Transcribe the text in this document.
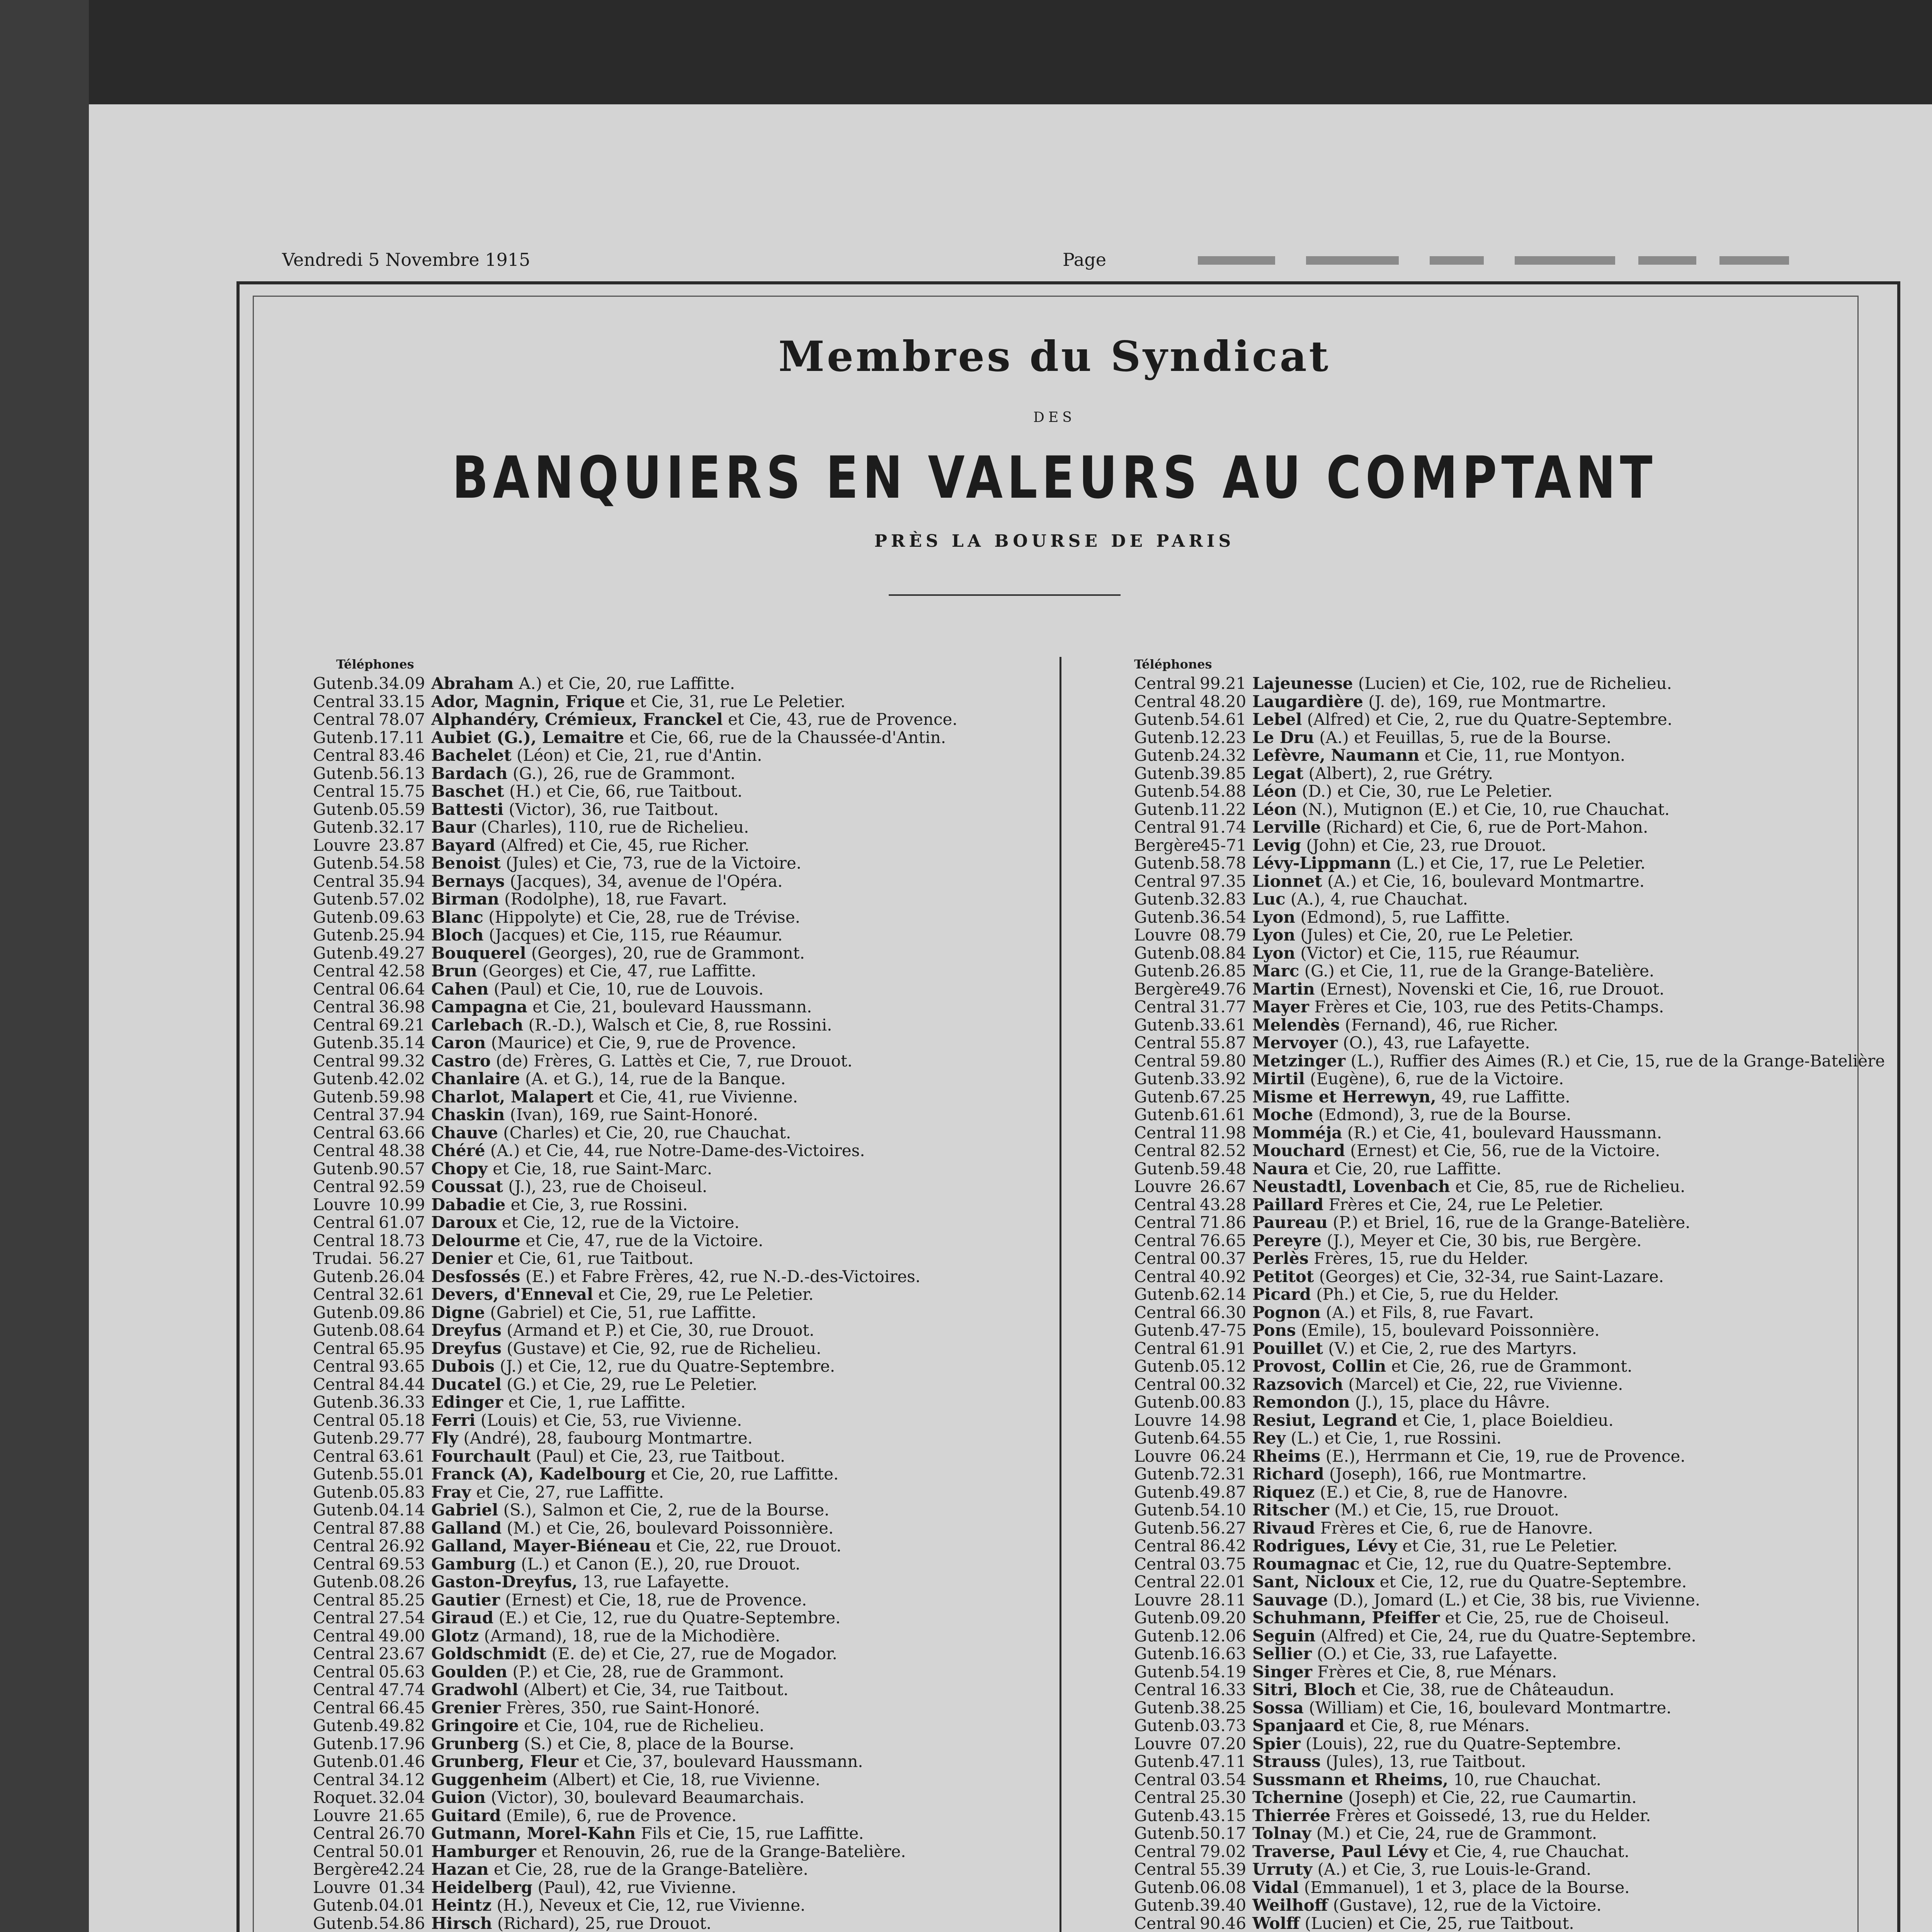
Vendredi 5 Novembre 1915	Page
Membres du Syndicat
DES
BANQUIERS EN VALEURS AU COMPTANT
PRÈS LA BOURSE DE PARIS
Téléphones	Téléphones
Gutenb. 34.09 Abraham A.) et Cie, 20, rue Laffitte.
Central 33.15 Ador, Magnin, Frique et Cie, 31, rue Le Peletier.
Central 78.07 Alphandéry, Crémieux, Franckel et Cie, 43, rue de Provence.
Gutenb. 17.11 Aubiet (G.), Lemaitre et Cie, 66, rue de la Chaussée-d'Antin.
Central 83.46 Bachelet (Léon) et Cie, 21, rue d'Antin.
Gutenb. 56.13 Bardach (G.), 26, rue de Grammont.
Central 15.75 Baschet (H.) et Cie, 66, rue Taitbout.
Gutenb. 05.59 Battesti (Victor), 36, rue Taitbout.
Gutenb. 32.17 Baur (Charles), 110, rue de Richelieu.
Louvre 23.87 Bayard (Alfred) et Cie, 45, rue Richer.
Gutenb. 54.58 Benoist (Jules) et Cie, 73, rue de la Victoire.
Central 35.94 Bernays (Jacques), 34, avenue de l'Opéra.
Gutenb. 57.02 Birman (Rodolphe), 18, rue Favart.
Gutenb. 09.63 Blanc (Hippolyte) et Cie, 28, rue de Trévise.
Gutenb. 25.94 Bloch (Jacques) et Cie, 115, rue Réaumur.
Gutenb. 49.27 Bouquerel (Georges), 20, rue de Grammont.
Central 42.58 Brun (Georges) et Cie, 47, rue Laffitte.
Central 06.64 Cahen (Paul) et Cie, 10, rue de Louvois.
Central 36.98 Campagna et Cie, 21, boulevard Haussmann.
Central 69.21 Carlebach (R.-D.), Walsch et Cie, 8, rue Rossini.
Gutenb. 35.14 Caron (Maurice) et Cie, 9, rue de Provence.
Central 99.32 Castro (de) Frères, G. Lattès et Cie, 7, rue Drouot.
Gutenb. 42.02 Chanlaire (A. et G.), 14, rue de la Banque.
Gutenb. 59.98 Charlot, Malapert et Cie, 41, rue Vivienne.
Central 37.94 Chaskin (Ivan), 169, rue Saint-Honoré.
Central 63.66 Chauve (Charles) et Cie, 20, rue Chauchat.
Central 48.38 Chéré (A.) et Cie, 44, rue Notre-Dame-des-Victoires.
Gutenb. 90.57 Chopy et Cie, 18, rue Saint-Marc.
Central 92.59 Coussat (J.), 23, rue de Choiseul.
Louvre 10.99 Dabadie et Cie, 3, rue Rossini.
Central 61.07 Daroux et Cie, 12, rue de la Victoire.
Central 18.73 Delourme et Cie, 47, rue de la Victoire.
Trudai. 56.27 Denier et Cie, 61, rue Taitbout.
Gutenb. 26.04 Desfossés (E.) et Fabre Frères, 42, rue N.-D.-des-Victoires.
Central 32.61 Devers, d'Enneval et Cie, 29, rue Le Peletier.
Gutenb. 09.86 Digne (Gabriel) et Cie, 51, rue Laffitte.
Gutenb. 08.64 Dreyfus (Armand et P.) et Cie, 30, rue Drouot.
Central 65.95 Dreyfus (Gustave) et Cie, 92, rue de Richelieu.
Central 93.65 Dubois (J.) et Cie, 12, rue du Quatre-Septembre.
Central 84.44 Ducatel (G.) et Cie, 29, rue Le Peletier.
Gutenb. 36.33 Edinger et Cie, 1, rue Laffitte.
Central 05.18 Ferri (Louis) et Cie, 53, rue Vivienne.
Gutenb. 29.77 Fly (André), 28, faubourg Montmartre.
Central 63.61 Fourchault (Paul) et Cie, 23, rue Taitbout.
Gutenb. 55.01 Franck (A), Kadelbourg et Cie, 20, rue Laffitte.
Gutenb. 05.83 Fray et Cie, 27, rue Laffitte.
Gutenb. 04.14 Gabriel (S.), Salmon et Cie, 2, rue de la Bourse.
Central 87.88 Galland (M.) et Cie, 26, boulevard Poissonnière.
Central 26.92 Galland, Mayer-Biéneau et Cie, 22, rue Drouot.
Central 69.53 Gamburg (L.) et Canon (E.), 20, rue Drouot.
Gutenb. 08.26 Gaston-Dreyfus, 13, rue Lafayette.
Central 85.25 Gautier (Ernest) et Cie, 18, rue de Provence.
Central 27.54 Giraud (E.) et Cie, 12, rue du Quatre-Septembre.
Central 49.00 Glotz (Armand), 18, rue de la Michodière.
Central 23.67 Goldschmidt (E. de) et Cie, 27, rue de Mogador.
Central 05.63 Goulden (P.) et Cie, 28, rue de Grammont.
Central 47.74 Gradwohl (Albert) et Cie, 34, rue Taitbout.
Central 66.45 Grenier Frères, 350, rue Saint-Honoré.
Gutenb. 49.82 Gringoire et Cie, 104, rue de Richelieu.
Gutenb. 17.96 Grunberg (S.) et Cie, 8, place de la Bourse.
Gutenb. 01.46 Grunberg, Fleur et Cie, 37, boulevard Haussmann.
Central 34.12 Guggenheim (Albert) et Cie, 18, rue Vivienne.
Roquet. 32.04 Guion (Victor), 30, boulevard Beaumarchais.
Louvre 21.65 Guitard (Emile), 6, rue de Provence.
Central 26.70 Gutmann, Morel-Kahn Fils et Cie, 15, rue Laffitte.
Central 50.01 Hamburger et Renouvin, 26, rue de la Grange-Batelière.
Bergère
42.24 Hazan et Cie, 28, rue de la Grange-Batelière.
Louvre 01.34 Heidelberg (Paul), 42, rue Vivienne.
Gutenb. 04.01 Heintz (H.), Neveux et Cie, 12, rue Vivienne.
Gutenb. 54.86 Hirsch (Richard), 25, rue Drouot.
Central 99.21 Lajeunesse (Lucien) et Cie, 102, rue de Richelieu.
Central 48.20 Laugardière (J. de), 169, rue Montmartre.
Gutenb. 54.61 Lebel (Alfred) et Cie, 2, rue du Quatre-Septembre.
Gutenb. 12.23 Le Dru (A.) et Feuillas, 5, rue de la Bourse.
Gutenb. 24.32 Lefèvre, Naumann et Cie, 11, rue Montyon.
Gutenb. 39.85 Legat (Albert), 2, rue Grétry.
Gutenb. 54.88 Léon (D.) et Cie, 30, rue Le Peletier.
Gutenb. 11.22 Léon (N.), Mutignon (E.) et Cie, 10, rue Chauchat.
Central 91.74 Lerville (Richard) et Cie, 6, rue de Port-Mahon.
Bergère
45-71 Levig (John) et Cie, 23, rue Drouot.
Gutenb. 58.78 Lévy-Lippmann (L.) et Cie, 17, rue Le Peletier.
Central 97.35 Lionnet (A.) et Cie, 16, boulevard Montmartre.
Gutenb. 32.83 Luc (A.), 4, rue Chauchat.
Gutenb. 36.54 Lyon (Edmond), 5, rue Laffitte.
Louvre 08.79 Lyon (Jules) et Cie, 20, rue Le Peletier.
Gutenb. 08.84 Lyon (Victor) et Cie, 115, rue Réaumur.
Gutenb. 26.85 Marc (G.) et Cie, 11, rue de la Grange-Batelière.
Bergère
49.76 Martin (Ernest), Novenski et Cie, 16, rue Drouot.
Central 31.77 Mayer Frères et Cie, 103, rue des Petits-Champs.
Gutenb. 33.61 Melendès (Fernand), 46, rue Richer.
Central 55.87 Mervoyer (O.), 43, rue Lafayette.
Central 59.80 Metzinger (L.), Ruffier des Aimes (R.) et Cie, 15, rue de la Grange-Batelière
Gutenb. 33.92 Mirtil (Eugène), 6, rue de la Victoire.
Gutenb. 67.25 Misme et Herrewyn, 49, rue Laffitte.
Gutenb. 61.61 Moche (Edmond), 3, rue de la Bourse.
Central 11.98 Momméja (R.) et Cie, 41, boulevard Haussmann.
Central 82.52 Mouchard (Ernest) et Cie, 56, rue de la Victoire.
Gutenb. 59.48 Naura et Cie, 20, rue Laffitte.
Louvre 26.67 Neustadtl, Lovenbach et Cie, 85, rue de Richelieu.
Central 43.28 Paillard Frères et Cie, 24, rue Le Peletier.
Central 71.86 Paureau (P.) et Briel, 16, rue de la Grange-Batelière.
Central 76.65 Pereyre (J.), Meyer et Cie, 30 bis, rue Bergère.
Central 00.37 Perlès Frères, 15, rue du Helder.
Central 40.92 Petitot (Georges) et Cie, 32-34, rue Saint-Lazare.
Gutenb. 62.14 Picard (Ph.) et Cie, 5, rue du Helder.
Central 66.30 Pognon (A.) et Fils, 8, rue Favart.
Gutenb. 47-75 Pons (Emile), 15, boulevard Poissonnière.
Central 61.91 Pouillet (V.) et Cie, 2, rue des Martyrs.
Gutenb. 05.12 Provost, Collin et Cie, 26, rue de Grammont.
Central 00.32 Razsovich (Marcel) et Cie, 22, rue Vivienne.
Gutenb. 00.83 Remondon (J.), 15, place du Hâvre.
Louvre 14.98 Resiut, Legrand et Cie, 1, place Boieldieu.
Gutenb. 64.55 Rey (L.) et Cie, 1, rue Rossini.
Louvre 06.24 Rheims (E.), Herrmann et Cie, 19, rue de Provence.
Gutenb. 72.31 Richard (Joseph), 166, rue Montmartre.
Gutenb. 49.87 Riquez (E.) et Cie, 8, rue de Hanovre.
Gutenb. 54.10 Ritscher (M.) et Cie, 15, rue Drouot.
Gutenb. 56.27 Rivaud Frères et Cie, 6, rue de Hanovre.
Central 86.42 Rodrigues, Lévy et Cie, 31, rue Le Peletier.
Central 03.75 Roumagnac et Cie, 12, rue du Quatre-Septembre.
Central 22.01 Sant, Nicloux et Cie, 12, rue du Quatre-Septembre.
Louvre 28.11 Sauvage (D.), Jomard (L.) et Cie, 38 bis, rue Vivienne.
Gutenb. 09.20 Schuhmann, Pfeiffer et Cie, 25, rue de Choiseul.
Gutenb. 12.06 Seguin (Alfred) et Cie, 24, rue du Quatre-Septembre.
Gutenb. 16.63 Sellier (O.) et Cie, 33, rue Lafayette.
Gutenb. 54.19 Singer Frères et Cie, 8, rue Ménars.
Central 16.33 Sitri, Bloch et Cie, 38, rue de Châteaudun.
Gutenb. 38.25 Sossa (William) et Cie, 16, boulevard Montmartre.
Gutenb. 03.73 Spanjaard et Cie, 8, rue Ménars.
Louvre 07.20 Spier (Louis), 22, rue du Quatre-Septembre.
Gutenb. 47.11 Strauss (Jules), 13, rue Taitbout.
Central 03.54 Sussmann et Rheims, 10, rue Chauchat.
Central 25.30 Tchernine (Joseph) et Cie, 22, rue Caumartin.
Gutenb. 43.15 Thierrée Frères et Goissedé, 13, rue du Helder.
Gutenb. 50.17 Tolnay (M.) et Cie, 24, rue de Grammont.
Central 79.02 Traverse, Paul Lévy et Cie, 4, rue Chauchat.
Central 55.39 Urruty (A.) et Cie, 3, rue Louis-le-Grand.
Gutenb. 06.08 Vidal (Emmanuel), 1 et 3, place de la Bourse.
Gutenb. 39.40 Weilhoff (Gustave), 12, rue de la Victoire.
Central 90.46 Wolff (Lucien) et Cie, 25, rue Taitbout.
